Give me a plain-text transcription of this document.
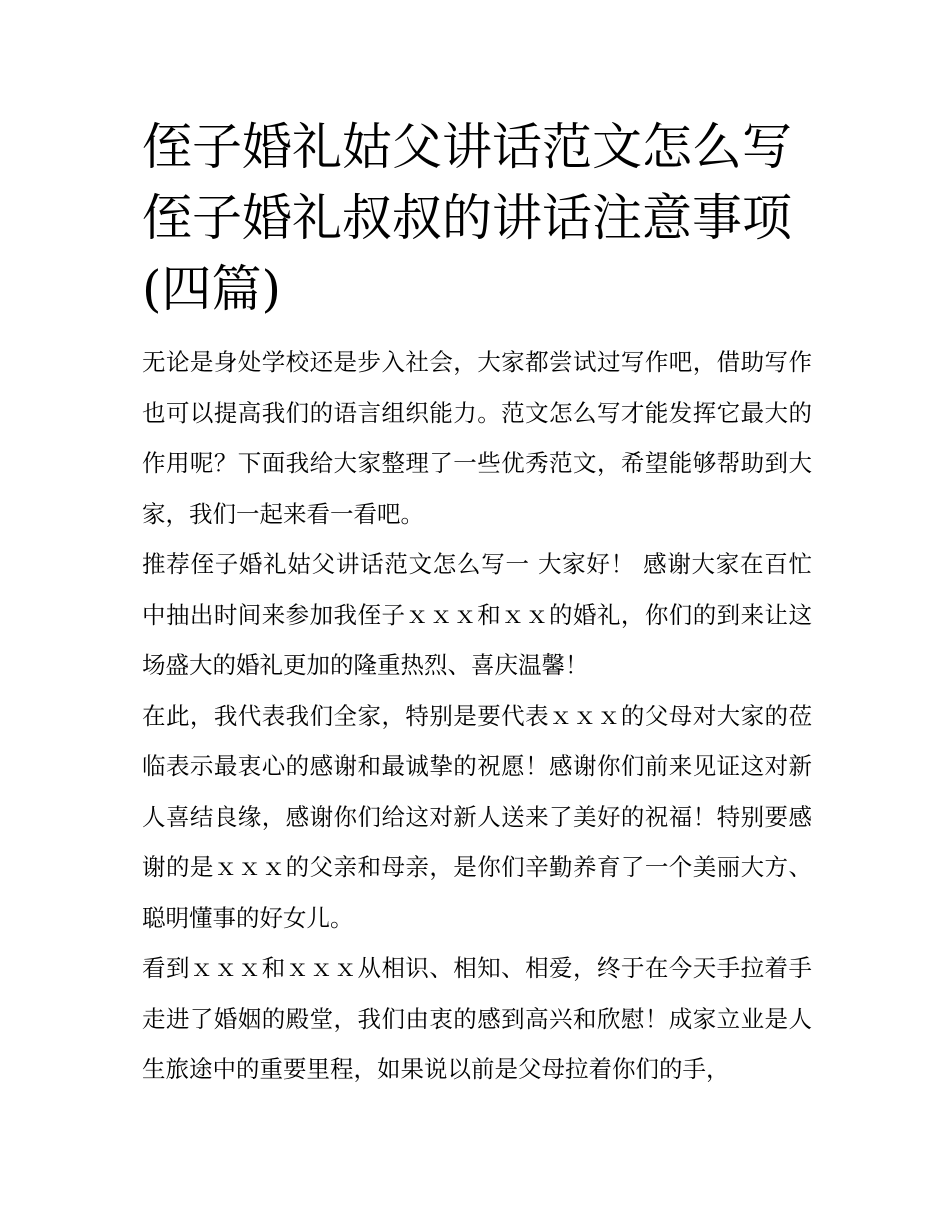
侄子婚礼姑父讲话范文怎么写
侄子婚礼叔叔的讲话注意事项
(四篇)

无论是身处学校还是步入社会，大家都尝试过写作吧，借助写作也可以提高我们的语言组织能力。范文怎么写才能发挥它最大的作用呢？下面我给大家整理了一些优秀范文，希望能够帮助到大家，我们一起来看一看吧。

推荐侄子婚礼姑父讲话范文怎么写一 大家好！ 感谢大家在百忙中抽出时间来参加我侄子ｘｘｘ和ｘｘ的婚礼，你们的到来让这场盛大的婚礼更加的隆重热烈、喜庆温馨！

在此，我代表我们全家，特别是要代表ｘｘｘ的父母对大家的莅临表示最衷心的感谢和最诚挚的祝愿！感谢你们前来见证这对新人喜结良缘，感谢你们给这对新人送来了美好的祝福！特别要感谢的是ｘｘｘ的父亲和母亲，是你们辛勤养育了一个美丽大方、聪明懂事的好女儿。

看到ｘｘｘ和ｘｘｘ从相识、相知、相爱，终于在今天手拉着手走进了婚姻的殿堂，我们由衷的感到高兴和欣慰！成家立业是人生旅途中的重要里程，如果说以前是父母拉着你们的手，
